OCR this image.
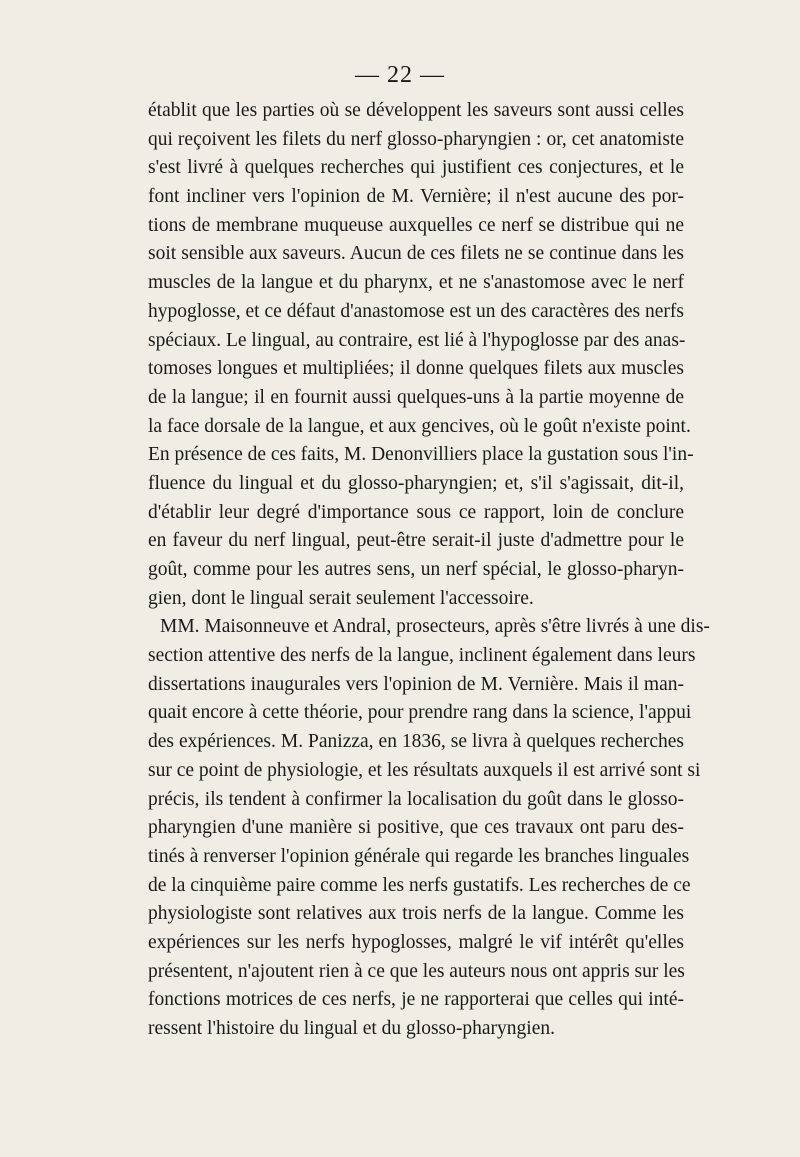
— 22 —
établit que les parties où se développent les saveurs sont aussi celles
qui reçoivent les filets du nerf glosso-pharyngien : or, cet anatomiste
s'est livré à quelques recherches qui justifient ces conjectures, et le
font incliner vers l'opinion de M. Vernière; il n'est aucune des por-
tions de membrane muqueuse auxquelles ce nerf se distribue qui ne
soit sensible aux saveurs. Aucun de ces filets ne se continue dans les
muscles de la langue et du pharynx, et ne s'anastomose avec le nerf
hypoglosse, et ce défaut d'anastomose est un des caractères des nerfs
spéciaux. Le lingual, au contraire, est lié à l'hypoglosse par des anas-
tomoses longues et multipliées; il donne quelques filets aux muscles
de la langue; il en fournit aussi quelques-uns à la partie moyenne de
la face dorsale de la langue, et aux gencives, où le goût n'existe point.
En présence de ces faits, M. Denonvilliers place la gustation sous l'in-
fluence du lingual et du glosso-pharyngien; et, s'il s'agissait, dit-il,
d'établir leur degré d'importance sous ce rapport, loin de conclure
en faveur du nerf lingual, peut-être serait-il juste d'admettre pour le
goût, comme pour les autres sens, un nerf spécial, le glosso-pharyn-
gien, dont le lingual serait seulement l'accessoire.
MM. Maisonneuve et Andral, prosecteurs, après s'être livrés à une dis-
section attentive des nerfs de la langue, inclinent également dans leurs
dissertations inaugurales vers l'opinion de M. Vernière. Mais il man-
quait encore à cette théorie, pour prendre rang dans la science, l'appui
des expériences. M. Panizza, en 1836, se livra à quelques recherches
sur ce point de physiologie, et les résultats auxquels il est arrivé sont si
précis, ils tendent à confirmer la localisation du goût dans le glosso-
pharyngien d'une manière si positive, que ces travaux ont paru des-
tinés à renverser l'opinion générale qui regarde les branches linguales
de la cinquième paire comme les nerfs gustatifs. Les recherches de ce
physiologiste sont relatives aux trois nerfs de la langue. Comme les
expériences sur les nerfs hypoglosses, malgré le vif intérêt qu'elles
présentent, n'ajoutent rien à ce que les auteurs nous ont appris sur les
fonctions motrices de ces nerfs, je ne rapporterai que celles qui inté-
ressent l'histoire du lingual et du glosso-pharyngien.
